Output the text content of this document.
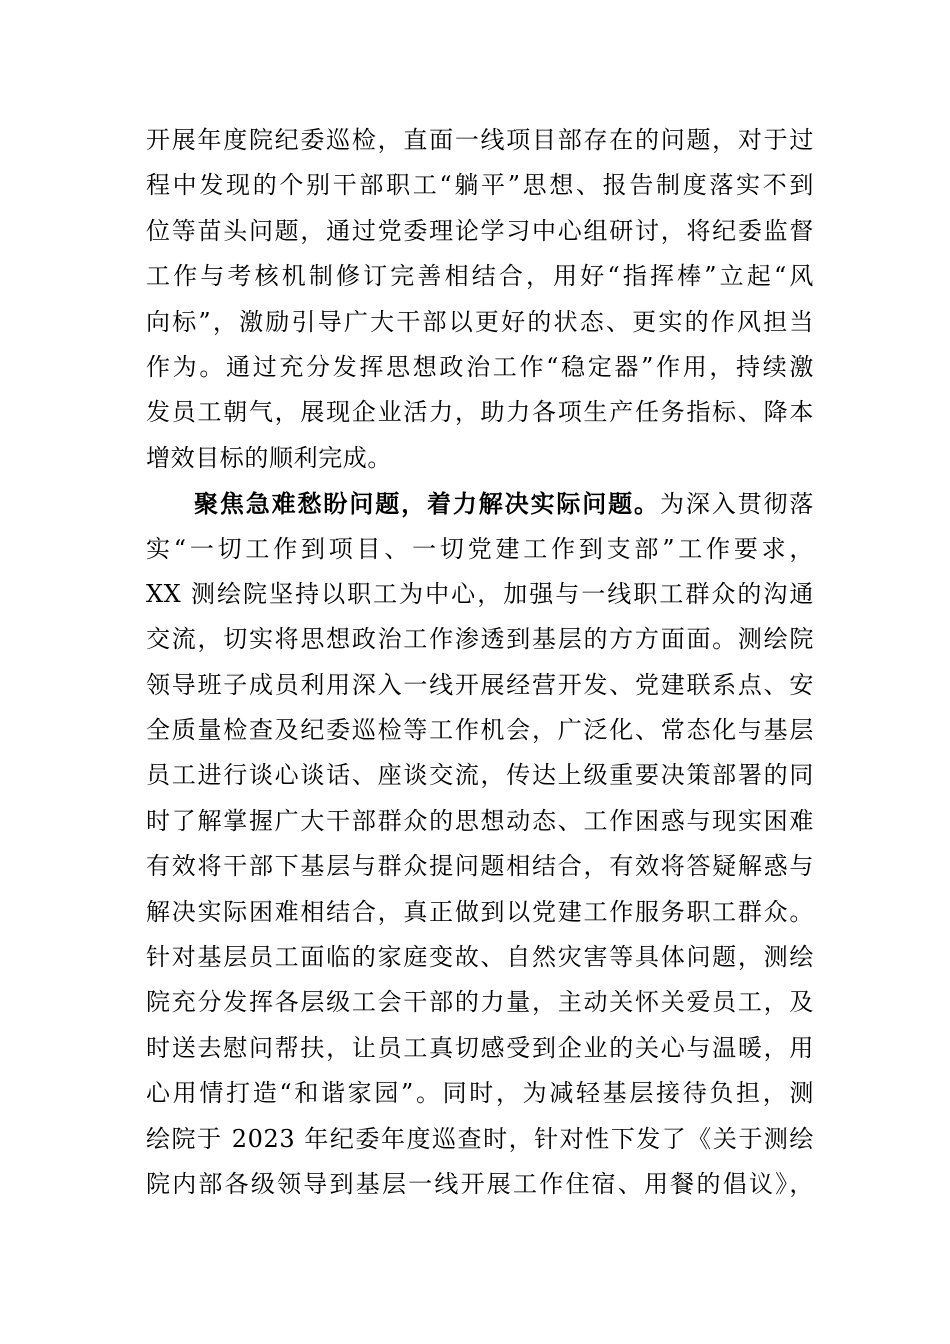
开展年度院纪委巡检，直面一线项目部存在的问题，对于过
程中发现的个别干部职工“躺平”思想、报告制度落实不到
位等苗头问题，通过党委理论学习中心组研讨，将纪委监督
工作与考核机制修订完善相结合，用好“指挥棒”立起“风
向标”，激励引导广大干部以更好的状态、更实的作风担当
作为。通过充分发挥思想政治工作“稳定器”作用，持续激
发员工朝气，展现企业活力，助力各项生产任务指标、降本
增效目标的顺利完成。
聚焦急难愁盼问题，着力解决实际问题。为深入贯彻落
实“一切工作到项目、一切党建工作到支部”工作要求，
XX 测绘院坚持以职工为中心，加强与一线职工群众的沟通
交流，切实将思想政治工作渗透到基层的方方面面。测绘院
领导班子成员利用深入一线开展经营开发、党建联系点、安
全质量检查及纪委巡检等工作机会，广泛化、常态化与基层
员工进行谈心谈话、座谈交流，传达上级重要决策部署的同
时了解掌握广大干部群众的思想动态、工作困惑与现实困难
有效将干部下基层与群众提问题相结合，有效将答疑解惑与
解决实际困难相结合，真正做到以党建工作服务职工群众。
针对基层员工面临的家庭变故、自然灾害等具体问题，测绘
院充分发挥各层级工会干部的力量，主动关怀关爱员工，及
时送去慰问帮扶，让员工真切感受到企业的关心与温暖，用
心用情打造“和谐家园”。同时，为减轻基层接待负担，测
绘院于 2023 年纪委年度巡查时，针对性下发了《关于测绘
院内部各级领导到基层一线开展工作住宿、用餐的倡议》，
